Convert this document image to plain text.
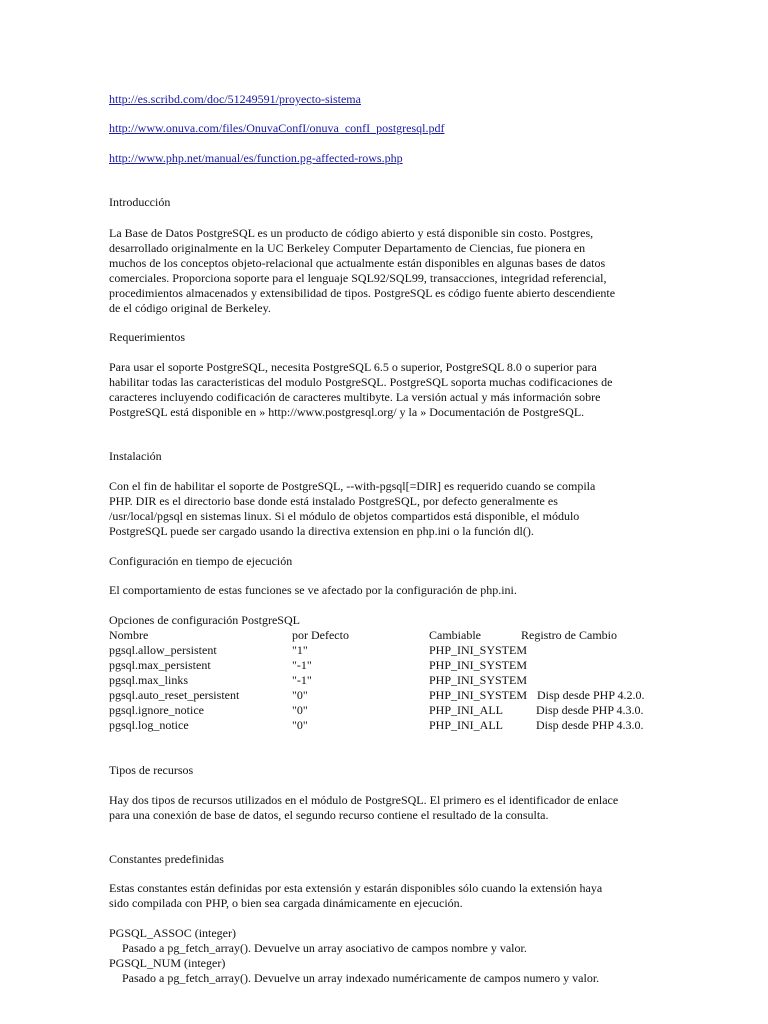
http://es.scribd.com/doc/51249591/proyecto-sistema
http://www.onuva.com/files/OnuvaConfI/onuva_confI_postgresql.pdf
http://www.php.net/manual/es/function.pg-affected-rows.php
Introducción
La Base de Datos PostgreSQL es un producto de código abierto y está disponible sin costo. Postgres,
desarrollado originalmente en la UC Berkeley Computer Departamento de Ciencias, fue pionera en
muchos de los conceptos objeto-relacional que actualmente están disponibles en algunas bases de datos
comerciales. Proporciona soporte para el lenguaje SQL92/SQL99, transacciones, integridad referencial,
procedimientos almacenados y extensibilidad de tipos. PostgreSQL es código fuente abierto descendiente
de el código original de Berkeley.
Requerimientos
Para usar el soporte PostgreSQL, necesita PostgreSQL 6.5 o superior, PostgreSQL 8.0 o superior para
habilitar todas las caracteristicas del modulo PostgreSQL. PostgreSQL soporta muchas codificaciones de
caracteres incluyendo codificación de caracteres multibyte. La versión actual y más información sobre
PostgreSQL está disponible en » http://www.postgresql.org/ y la » Documentación de PostgreSQL.
Instalación
Con el fin de habilitar el soporte de PostgreSQL, --with-pgsql[=DIR] es requerido cuando se compila
PHP. DIR es el directorio base donde está instalado PostgreSQL, por defecto generalmente es
/usr/local/pgsql en sistemas linux. Si el módulo de objetos compartidos está disponible, el módulo
PostgreSQL puede ser cargado usando la directiva extension en php.ini o la función dl().
Configuración en tiempo de ejecución
El comportamiento de estas funciones se ve afectado por la configuración de php.ini.
Opciones de configuración PostgreSQL
Nombre	por Defecto	Cambiable	Registro de Cambio
pgsql.allow_persistent	"1"	PHP_INI_SYSTEM
pgsql.max_persistent	"-1"	PHP_INI_SYSTEM
pgsql.max_links	"-1"	PHP_INI_SYSTEM
pgsql.auto_reset_persistent	"0"	PHP_INI_SYSTEM Disp desde PHP 4.2.0.
pgsql.ignore_notice	"0"	PHP_INI_ALL	Disp desde PHP 4.3.0.
pgsql.log_notice	"0"	PHP_INI_ALL	Disp desde PHP 4.3.0.
Tipos de recursos
Hay dos tipos de recursos utilizados en el módulo de PostgreSQL. El primero es el identificador de enlace
para una conexión de base de datos, el segundo recurso contiene el resultado de la consulta.
Constantes predefinidas
Estas constantes están definidas por esta extensión y estarán disponibles sólo cuando la extensión haya
sido compilada con PHP, o bien sea cargada dinámicamente en ejecución.
PGSQL_ASSOC (integer)
Pasado a pg_fetch_array(). Devuelve un array asociativo de campos nombre y valor.
PGSQL_NUM (integer)
Pasado a pg_fetch_array(). Devuelve un array indexado numéricamente de campos numero y valor.
